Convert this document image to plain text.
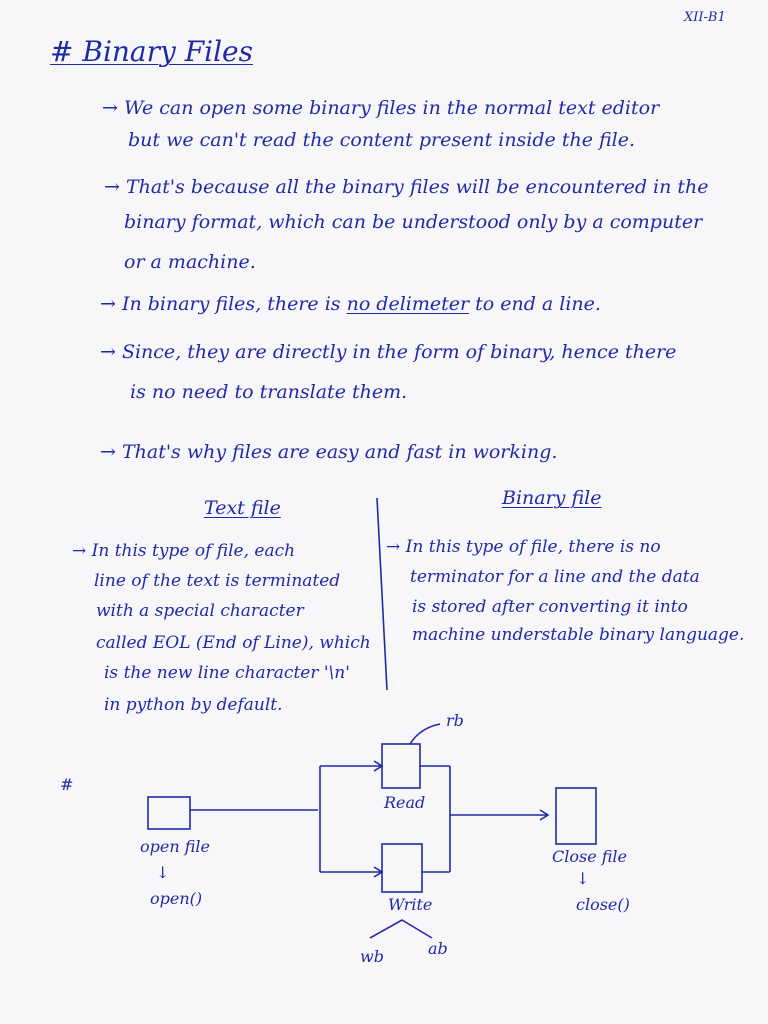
XII-B1
# Binary Files
→ We can open some binary files in the normal text editor
but we can't read the content present inside the file.
→ That's because all the binary files will be encountered in the
binary format, which can be understood only by a computer
or a machine.
→ In binary files, there is no delimeter to end a line.
→ Since, they are directly in the form of binary, hence there
is no need to translate them.
→ That's why files are easy and fast in working.
Text file	Binary file
→ In this type of file, each
line of the text is terminated
with a special character
called EOL (End of Line), which
is the new line character '\n'
in python by default.
→ In this type of file, there is no
terminator for a line and the data
is stored after converting it into
machine understable binary language.
#
open file
↓
open()
rb
Read
Write
wb	ab
Close file
↓
close()
